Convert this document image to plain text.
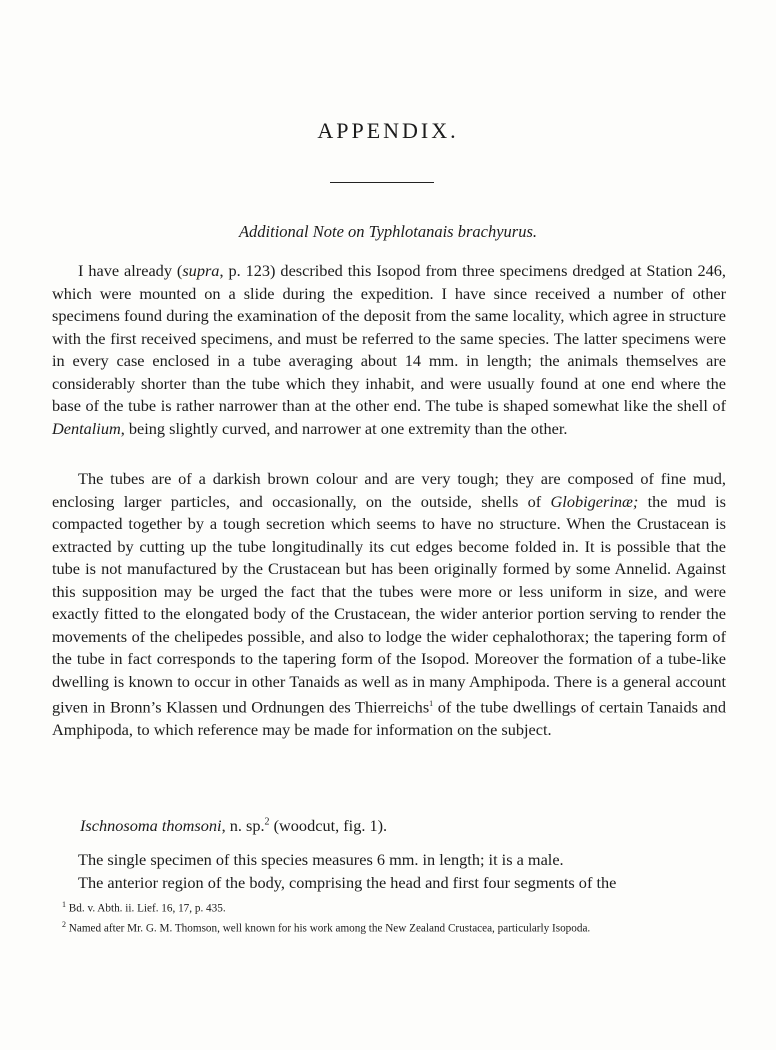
APPENDIX.
Additional Note on Typhlotanais brachyurus.

I have already (supra, p. 123) described this Isopod from three specimens dredged at Station 246, which were mounted on a slide during the expedition. I have since received a number of other specimens found during the examination of the deposit from the same locality, which agree in structure with the first received specimens, and must be referred to the same species. The latter specimens were in every case enclosed in a tube averaging about 14 mm. in length; the animals themselves are considerably shorter than the tube which they inhabit, and were usually found at one end where the base of the tube is rather narrower than at the other end. The tube is shaped somewhat like the shell of Dentalium, being slightly curved, and narrower at one extremity than the other.

The tubes are of a darkish brown colour and are very tough; they are composed of fine mud, enclosing larger particles, and occasionally, on the outside, shells of Globigerinæ; the mud is compacted together by a tough secretion which seems to have no structure. When the Crustacean is extracted by cutting up the tube longitudinally its cut edges become folded in. It is possible that the tube is not manufactured by the Crustacean but has been originally formed by some Annelid. Against this supposition may be urged the fact that the tubes were more or less uniform in size, and were exactly fitted to the elongated body of the Crustacean, the wider anterior portion serving to render the movements of the chelipedes possible, and also to lodge the wider cephalothorax; the tapering form of the tube in fact corresponds to the tapering form of the Isopod. Moreover the formation of a tube-like dwelling is known to occur in other Tanaids as well as in many Amphipoda. There is a general account given in Bronn’s Klassen und Ordnungen des Thierreichs$^1$ of the tube dwellings of certain Tanaids and Amphipoda, to which reference may be made for information on the subject.

Ischnosoma thomsoni, n. sp.$^2$ (woodcut, fig. 1).

The single specimen of this species measures 6 mm. in length; it is a male.

The anterior region of the body, comprising the head and first four segments of the

$^1$ Bd. v. Abth. ii. Lief. 16, 17, p. 435.

$^2$ Named after Mr. G. M. Thomson, well known for his work among the New Zealand Crustacea, particularly Isopoda.
